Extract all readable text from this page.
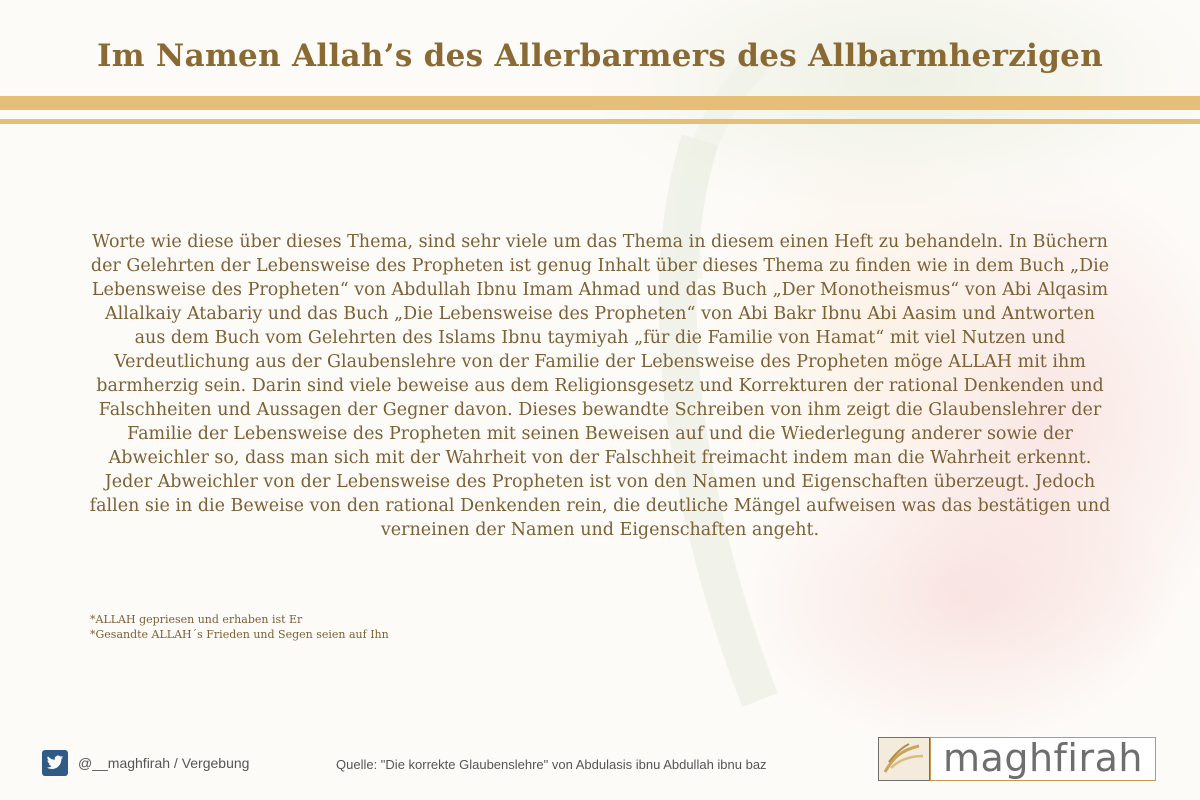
Im Namen Allah’s des Allerbarmers des Allbarmherzigen
Worte wie diese über dieses Thema, sind sehr viele um das Thema in diesem einen Heft zu behandeln. In Büchern der Gelehrten der Lebensweise des Propheten ist genug Inhalt über dieses Thema zu finden wie in dem Buch „Die Lebensweise des Propheten“ von Abdullah Ibnu Imam Ahmad und das Buch „Der Monotheismus“ von Abi Alqasim Allalkaiy Atabariy und das Buch „Die Lebensweise des Propheten“ von Abi Bakr Ibnu Abi Aasim und Antworten aus dem Buch vom Gelehrten des Islams Ibnu taymiyah „für die Familie von Hamat“ mit viel Nutzen und Verdeutlichung aus der Glaubenslehre von der Familie der Lebensweise des Propheten möge ALLAH mit ihm barmherzig sein. Darin sind viele beweise aus dem Religionsgesetz und Korrekturen der rational Denkenden und Falschheiten und Aussagen der Gegner davon. Dieses bewandte Schreiben von ihm zeigt die Glaubenslehrer der Familie der Lebensweise des Propheten mit seinen Beweisen auf und die Wiederlegung anderer sowie der Abweichler so, dass man sich mit der Wahrheit von der Falschheit freimacht indem man die Wahrheit erkennt. Jeder Abweichler von der Lebensweise des Propheten ist von den Namen und Eigenschaften überzeugt. Jedoch fallen sie in die Beweise von den rational Denkenden rein, die deutliche Mängel aufweisen was das bestätigen und verneinen der Namen und Eigenschaften angeht.
*ALLAH gepriesen und erhaben ist Er
*Gesandte ALLAH´s Frieden und Segen seien auf Ihn
@__maghfirah / Vergebung	Quelle: "Die korrekte Glaubenslehre" von Abdulasis ibnu Abdullah ibnu baz	maghfirah
